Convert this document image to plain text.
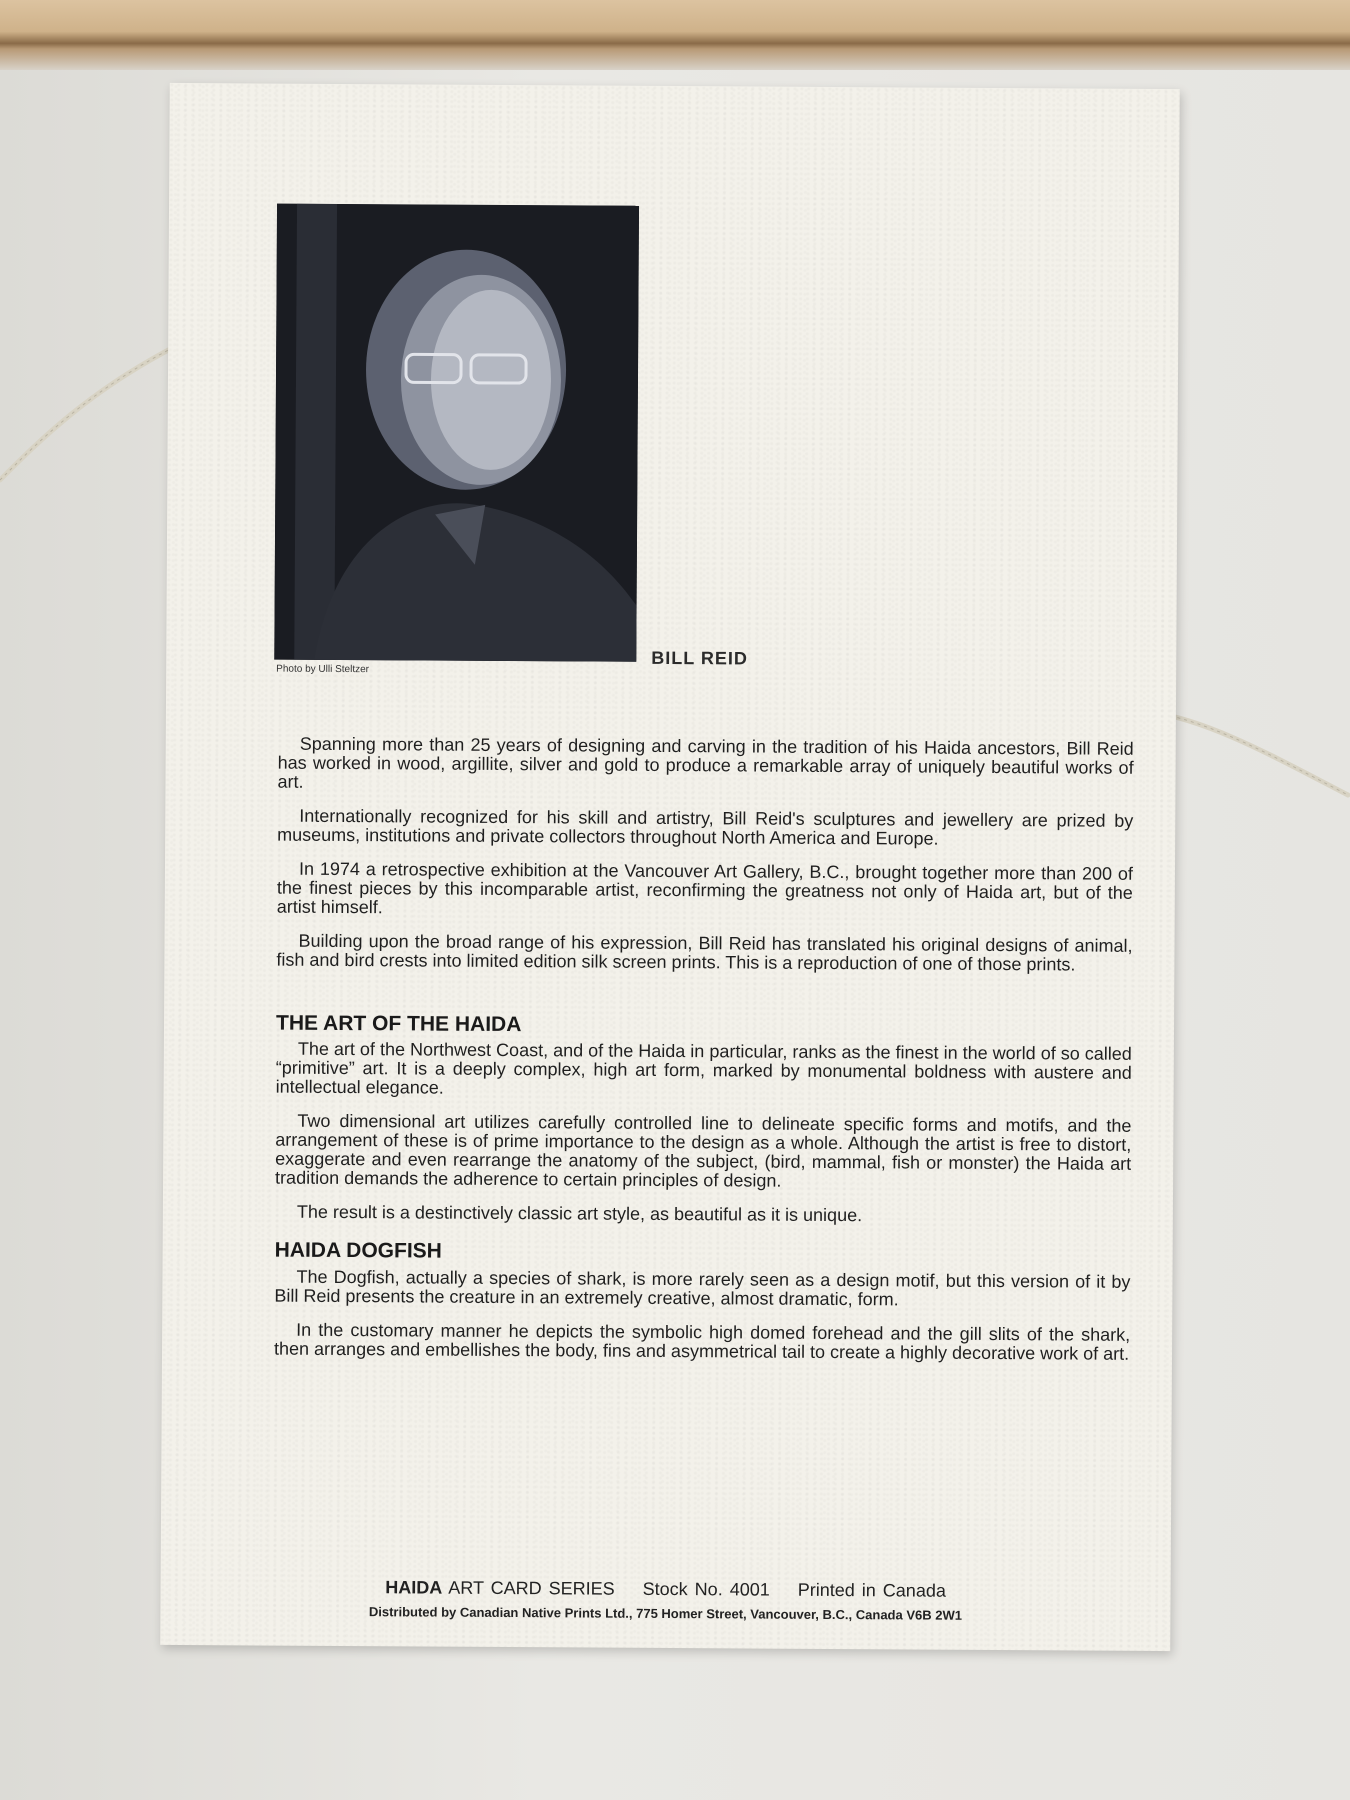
Photo by Ulli Steltzer
BILL REID

Spanning more than 25 years of designing and carving in the tradition of his Haida ancestors, Bill Reid has worked in wood, argillite, silver and gold to produce a remarkable array of uniquely beautiful works of art.

Internationally recognized for his skill and artistry, Bill Reid's sculptures and jewellery are prized by museums, institutions and private collectors throughout North America and Europe.

In 1974 a retrospective exhibition at the Vancouver Art Gallery, B.C., brought together more than 200 of the finest pieces by this incomparable artist, reconfirming the greatness not only of Haida art, but of the artist himself.

Building upon the broad range of his expression, Bill Reid has translated his original designs of animal, fish and bird crests into limited edition silk screen prints. This is a reproduction of one of those prints.

THE ART OF THE HAIDA

The art of the Northwest Coast, and of the Haida in particular, ranks as the finest in the world of so called “primitive” art. It is a deeply complex, high art form, marked by monumental boldness with austere and intellectual elegance.

Two dimensional art utilizes carefully controlled line to delineate specific forms and motifs, and the arrangement of these is of prime importance to the design as a whole. Although the artist is free to distort, exaggerate and even rearrange the anatomy of the subject, (bird, mammal, fish or monster) the Haida art tradition demands the adherence to certain principles of design.

The result is a destinctively classic art style, as beautiful as it is unique.

HAIDA DOGFISH

The Dogfish, actually a species of shark, is more rarely seen as a design motif, but this version of it by Bill Reid presents the creature in an extremely creative, almost dramatic, form.

In the customary manner he depicts the symbolic high domed forehead and the gill slits of the shark, then arranges and embellishes the body, fins and asymmetrical tail to create a highly decorative work of art.

HAIDA ART CARD SERIES Stock No. 4001 Printed in Canada
Distributed by Canadian Native Prints Ltd., 775 Homer Street, Vancouver, B.C., Canada V6B 2W1
